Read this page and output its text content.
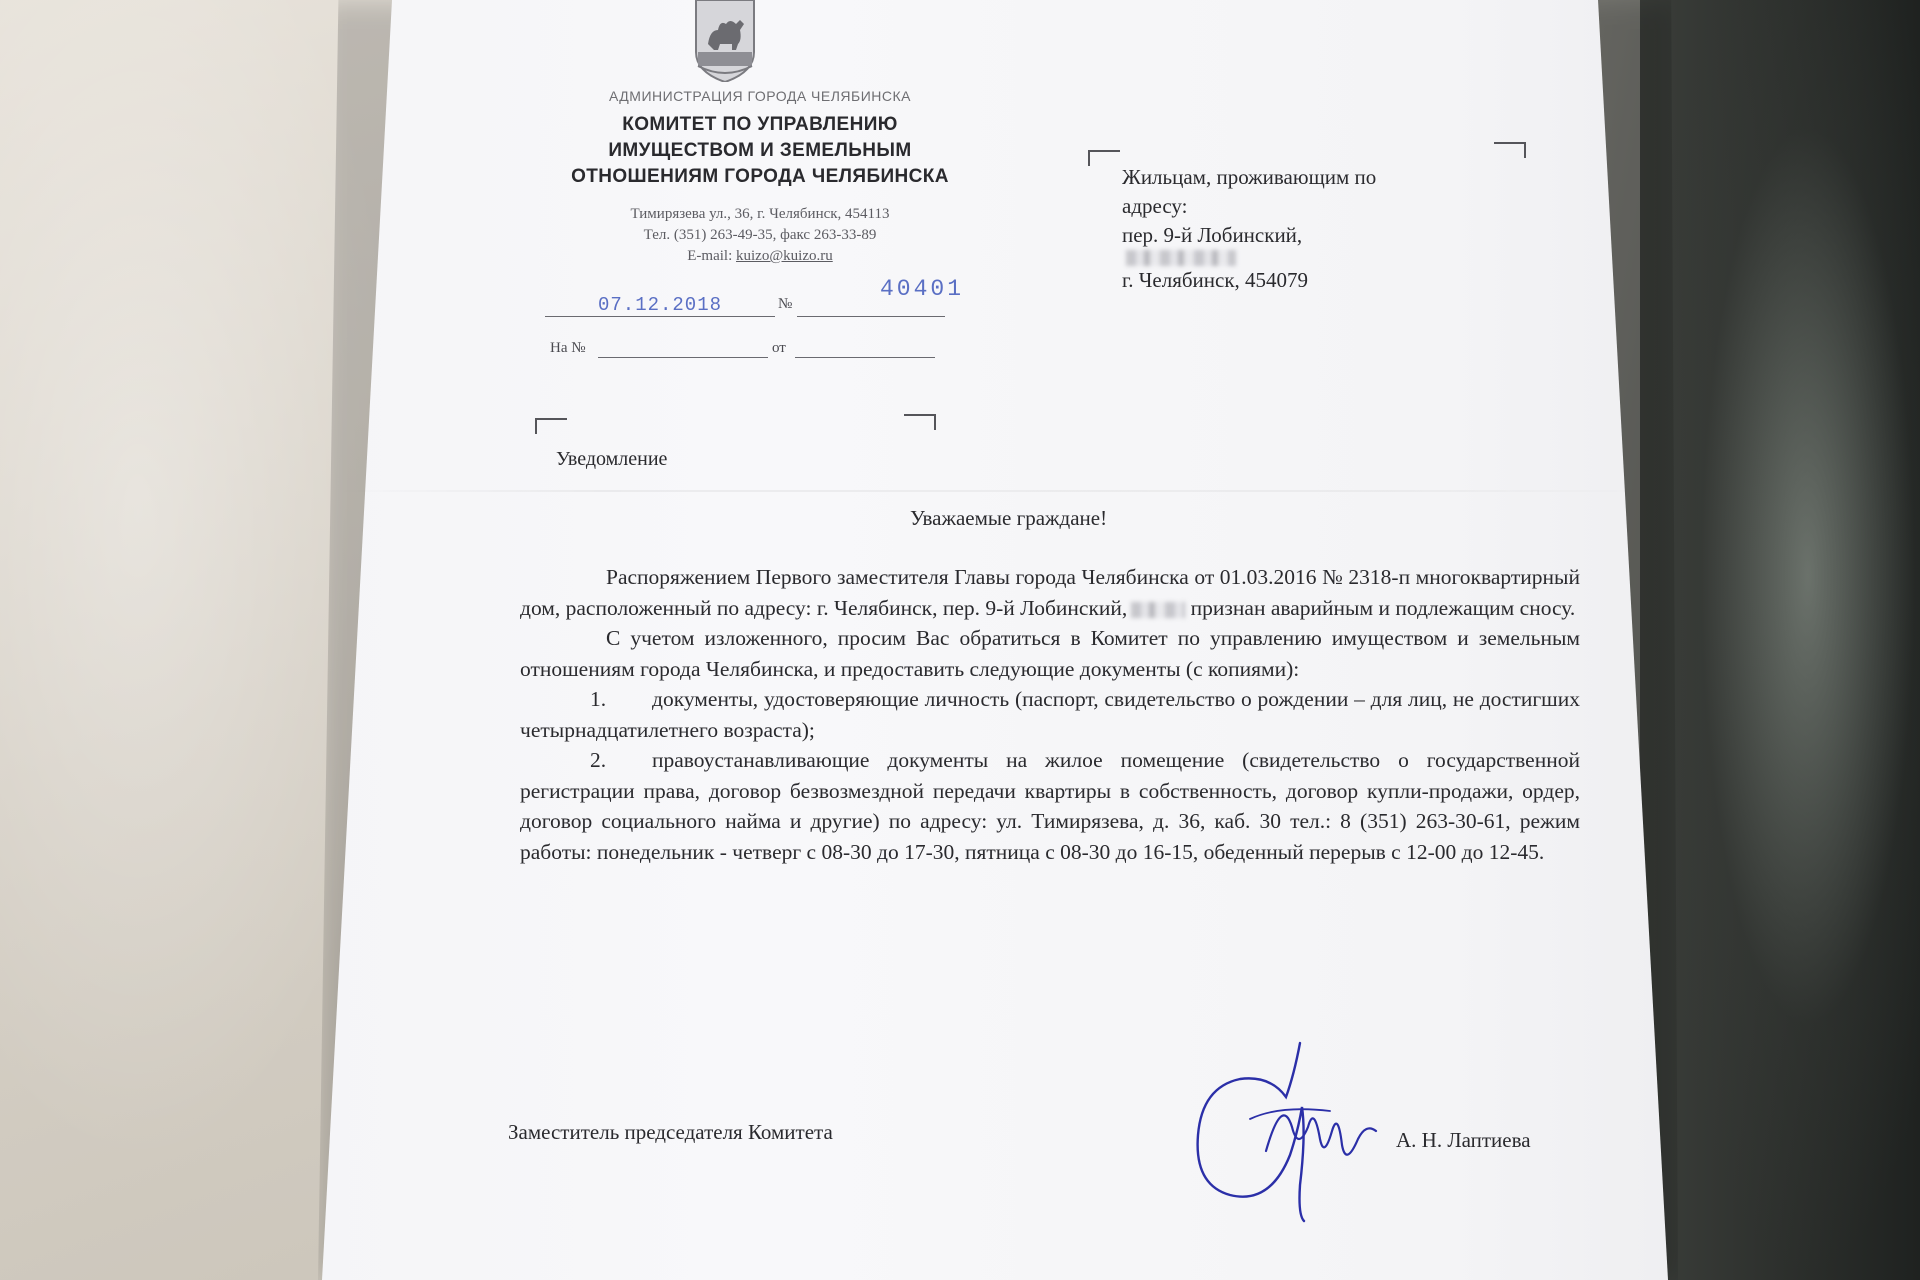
АДМИНИСТРАЦИЯ ГОРОДА ЧЕЛЯБИНСКА
КОМИТЕТ ПО УПРАВЛЕНИЮ
ИМУЩЕСТВОМ И ЗЕМЕЛЬНЫМ
ОТНОШЕНИЯМ ГОРОДА ЧЕЛЯБИНСКА
Тимирязева ул., 36, г. Челябинск, 454113
Тел. (351) 263-49-35, факс 263-33-89
E-mail: kuizo@kuizo.ru
07.12.2018	№
40401
На №	от
Жильцам, проживающим по
адресу:
пер. 9-й Лобинский,
г. Челябинск, 454079
Уведомление
Уважаемые граждане!

Распоряжением Первого заместителя Главы города Челябинска от 01.03.2016 № 2318-п многоквартирный дом, расположенный по адресу: г. Челябинск, пер. 9-й Лобинский,	признан аварийным и подлежащим сносу.

С учетом изложенного, просим Вас обратиться в Комитет по управлению имуществом и земельным отношениям города Челябинска, и предоставить следующие документы (с копиями):

1. документы, удостоверяющие личность (паспорт, свидетельство о рождении – для лиц, не достигших четырнадцатилетнего возраста);

2. правоустанавливающие документы на жилое помещение (свидетельство о государственной регистрации права, договор безвозмездной передачи квартиры в собственность, договор купли-продажи, ордер, договор социального найма и другие) по адресу: ул. Тимирязева, д. 36, каб. 30 тел.: 8 (351) 263-30-61, режим работы: понедельник - четверг с 08-30 до 17-30, пятница с 08-30 до 16-15, обеденный перерыв с 12-00 до 12-45.

Заместитель председателя Комитета	А. Н. Лаптиева
